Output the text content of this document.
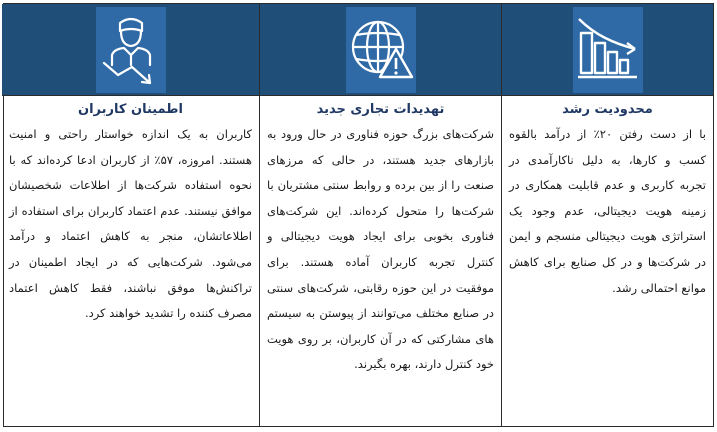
محدودیت رشد
با از دست رفتن ۲۰٪ از درآمد بالقوه کسب و کارها، به دلیل ناکارآمدی در تجربه کاربری و عدم قابلیت همکاری در زمینه هویت دیجیتالی، عدم وجود یک استراتژی هویت دیجیتالی منسجم و ایمن در شرکت‌ها و در کل صنایع برای کاهش موانع احتمالی رشد.
تهدیدات تجاری جدید
شرکت‌های بزرگ حوزه فناوری در حال ورود به بازارهای جدید هستند، در حالی که مرزهای صنعت را از بین برده و روابط سنتی مشتریان با شرکت‌ها را متحول کرده‌اند. این شرکت‌های فناوری بخوبی برای ایجاد هویت دیجیتالی و کنترل تجربه کاربران آماده هستند. برای موفقیت در این حوزه رقابتی، شرکت‌های سنتی در صنایع مختلف می‌توانند از پیوستن به سیستم های مشارکتی که در آن کاربران، بر روی هویت خود کنترل دارند، بهره بگیرند.
اطمینان کاربران
کاربران به یک اندازه خواستار راحتی و امنیت هستند. امروزه، ۵۷٪ از کاربران ادعا کرده‌اند که با نحوه استفاده شرکت‌ها از اطلاعات شخصیشان موافق نیستند. عدم اعتماد کاربران برای استفاده از اطلاعاتشان، منجر به کاهش اعتماد و درآمد می‌شود. شرکت‌هایی که در ایجاد اطمینان در تراکنش‌ها موفق نباشند، فقط کاهش اعتماد مصرف کننده را تشدید خواهند کرد.
